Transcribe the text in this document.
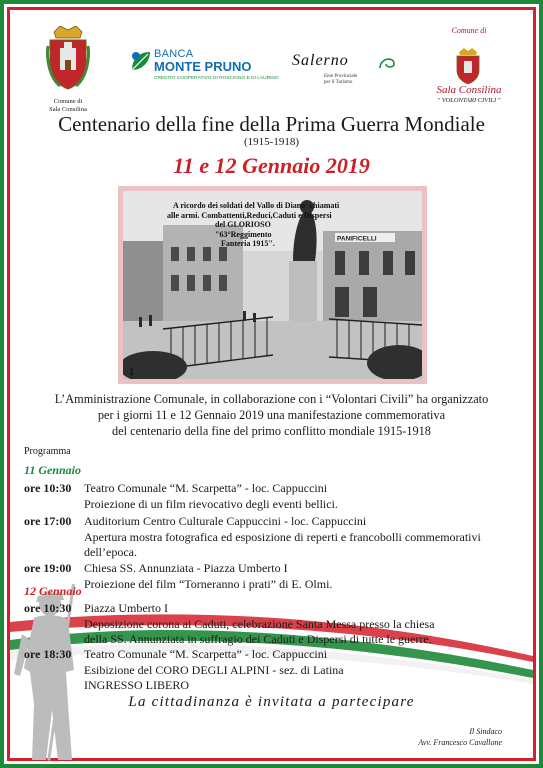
Comune di
Sala Consilina
BANCA
MONTE PRUNO
CREDITO COOPERATIVO DI ROSCIGNO E DI LAURINO
Salerno
Ente Provinciale
per il Turismo
Comune di
Sala Consilina
" VOLONTARI CIVILI "
Centenario della fine della Prima Guerra Mondiale
(1915-1918)
11 e 12 Gennaio 2019
PANIFICELLI
1
A ricordo dei soldati del Vallo di Diano' chiamati
alle armi. Combattenti,Reduci,Caduti e Dispersi
del GLORIOSO
"63°Reggimento
Fanteria 1915".
L’Amministrazione Comunale, in collaborazione con i “Volontari Civili” ha organizzato
per i giorni 11 e 12 Gennaio 2019 una manifestazione commemorativa
del centenario della fine del primo conflitto mondiale 1915-1918
Programma
11 Gennaio
ore 10:30 Teatro Comunale “M. Scarpetta” - loc. Cappuccini
Proiezione di un film rievocativo degli eventi bellici.
ore 17:00 Auditorium Centro Culturale Cappuccini - loc. Cappuccini
Apertura mostra fotografica ed esposizione di reperti e francobolli commemorativi
dell’epoca.
ore 19:00 Chiesa SS. Annunziata - Piazza Umberto I
Proiezione del film “Torneranno i prati” di E. Olmi.
12 Gennaio
ore 10:30 Piazza Umberto I
Deposizione corona ai Caduti, celebrazione Santa Messa presso la chiesa
della SS. Annunziata in suffragio dei Caduti e Dispersi di tutte le guerre.
ore 18:30 Teatro Comunale “M. Scarpetta” - loc. Cappuccini
Esibizione del CORO DEGLI ALPINI - sez. di Latina
INGRESSO LIBERO
La cittadinanza è invitata a partecipare
Il Sindaco
Avv. Francesco Cavallone
